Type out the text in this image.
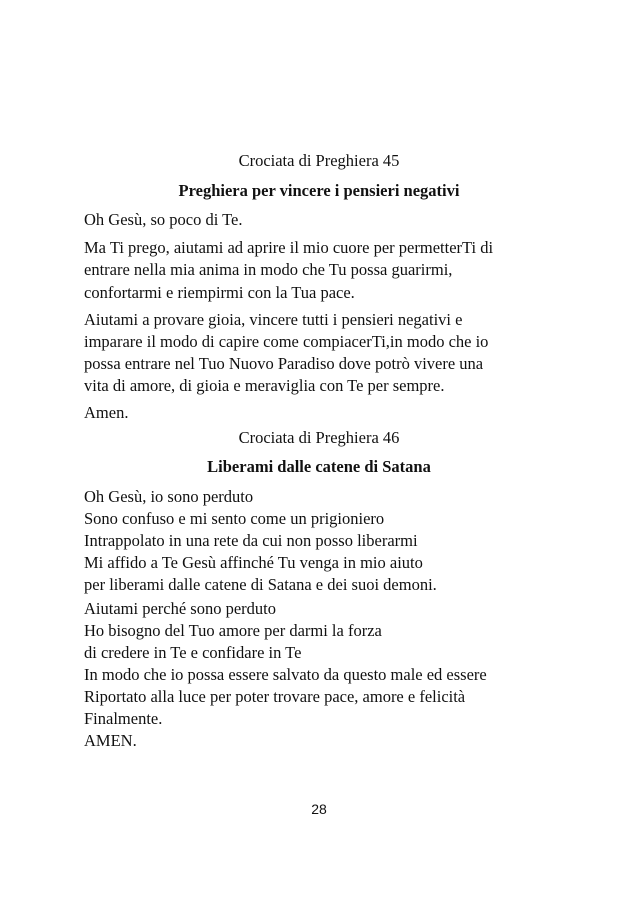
Crociata di Preghiera 45
Preghiera per vincere i pensieri negativi
Oh Gesù, so poco di Te.
Ma Ti prego, aiutami ad aprire il mio cuore per permetterTi di
entrare nella mia anima in modo che Tu possa guarirmi,
confortarmi e riempirmi con la Tua pace.
Aiutami a provare gioia, vincere tutti i pensieri negativi e
imparare il modo di capire come compiacerTi,in modo che io
possa entrare nel Tuo Nuovo Paradiso dove potrò vivere una
vita di amore, di gioia e meraviglia con Te per sempre.
Amen.
Crociata di Preghiera 46
Liberami dalle catene di Satana
Oh Gesù, io sono perduto
Sono confuso e mi sento come un prigioniero
Intrappolato in una rete da cui non posso liberarmi
Mi affido a Te Gesù affinché Tu venga in mio aiuto
per liberami dalle catene di Satana e dei suoi demoni.
Aiutami perché sono perduto
Ho bisogno del Tuo amore per darmi la forza
di credere in Te e confidare in Te
In modo che io possa essere salvato da questo male ed essere
Riportato alla luce per poter trovare pace, amore e felicità
Finalmente.
AMEN.
28
